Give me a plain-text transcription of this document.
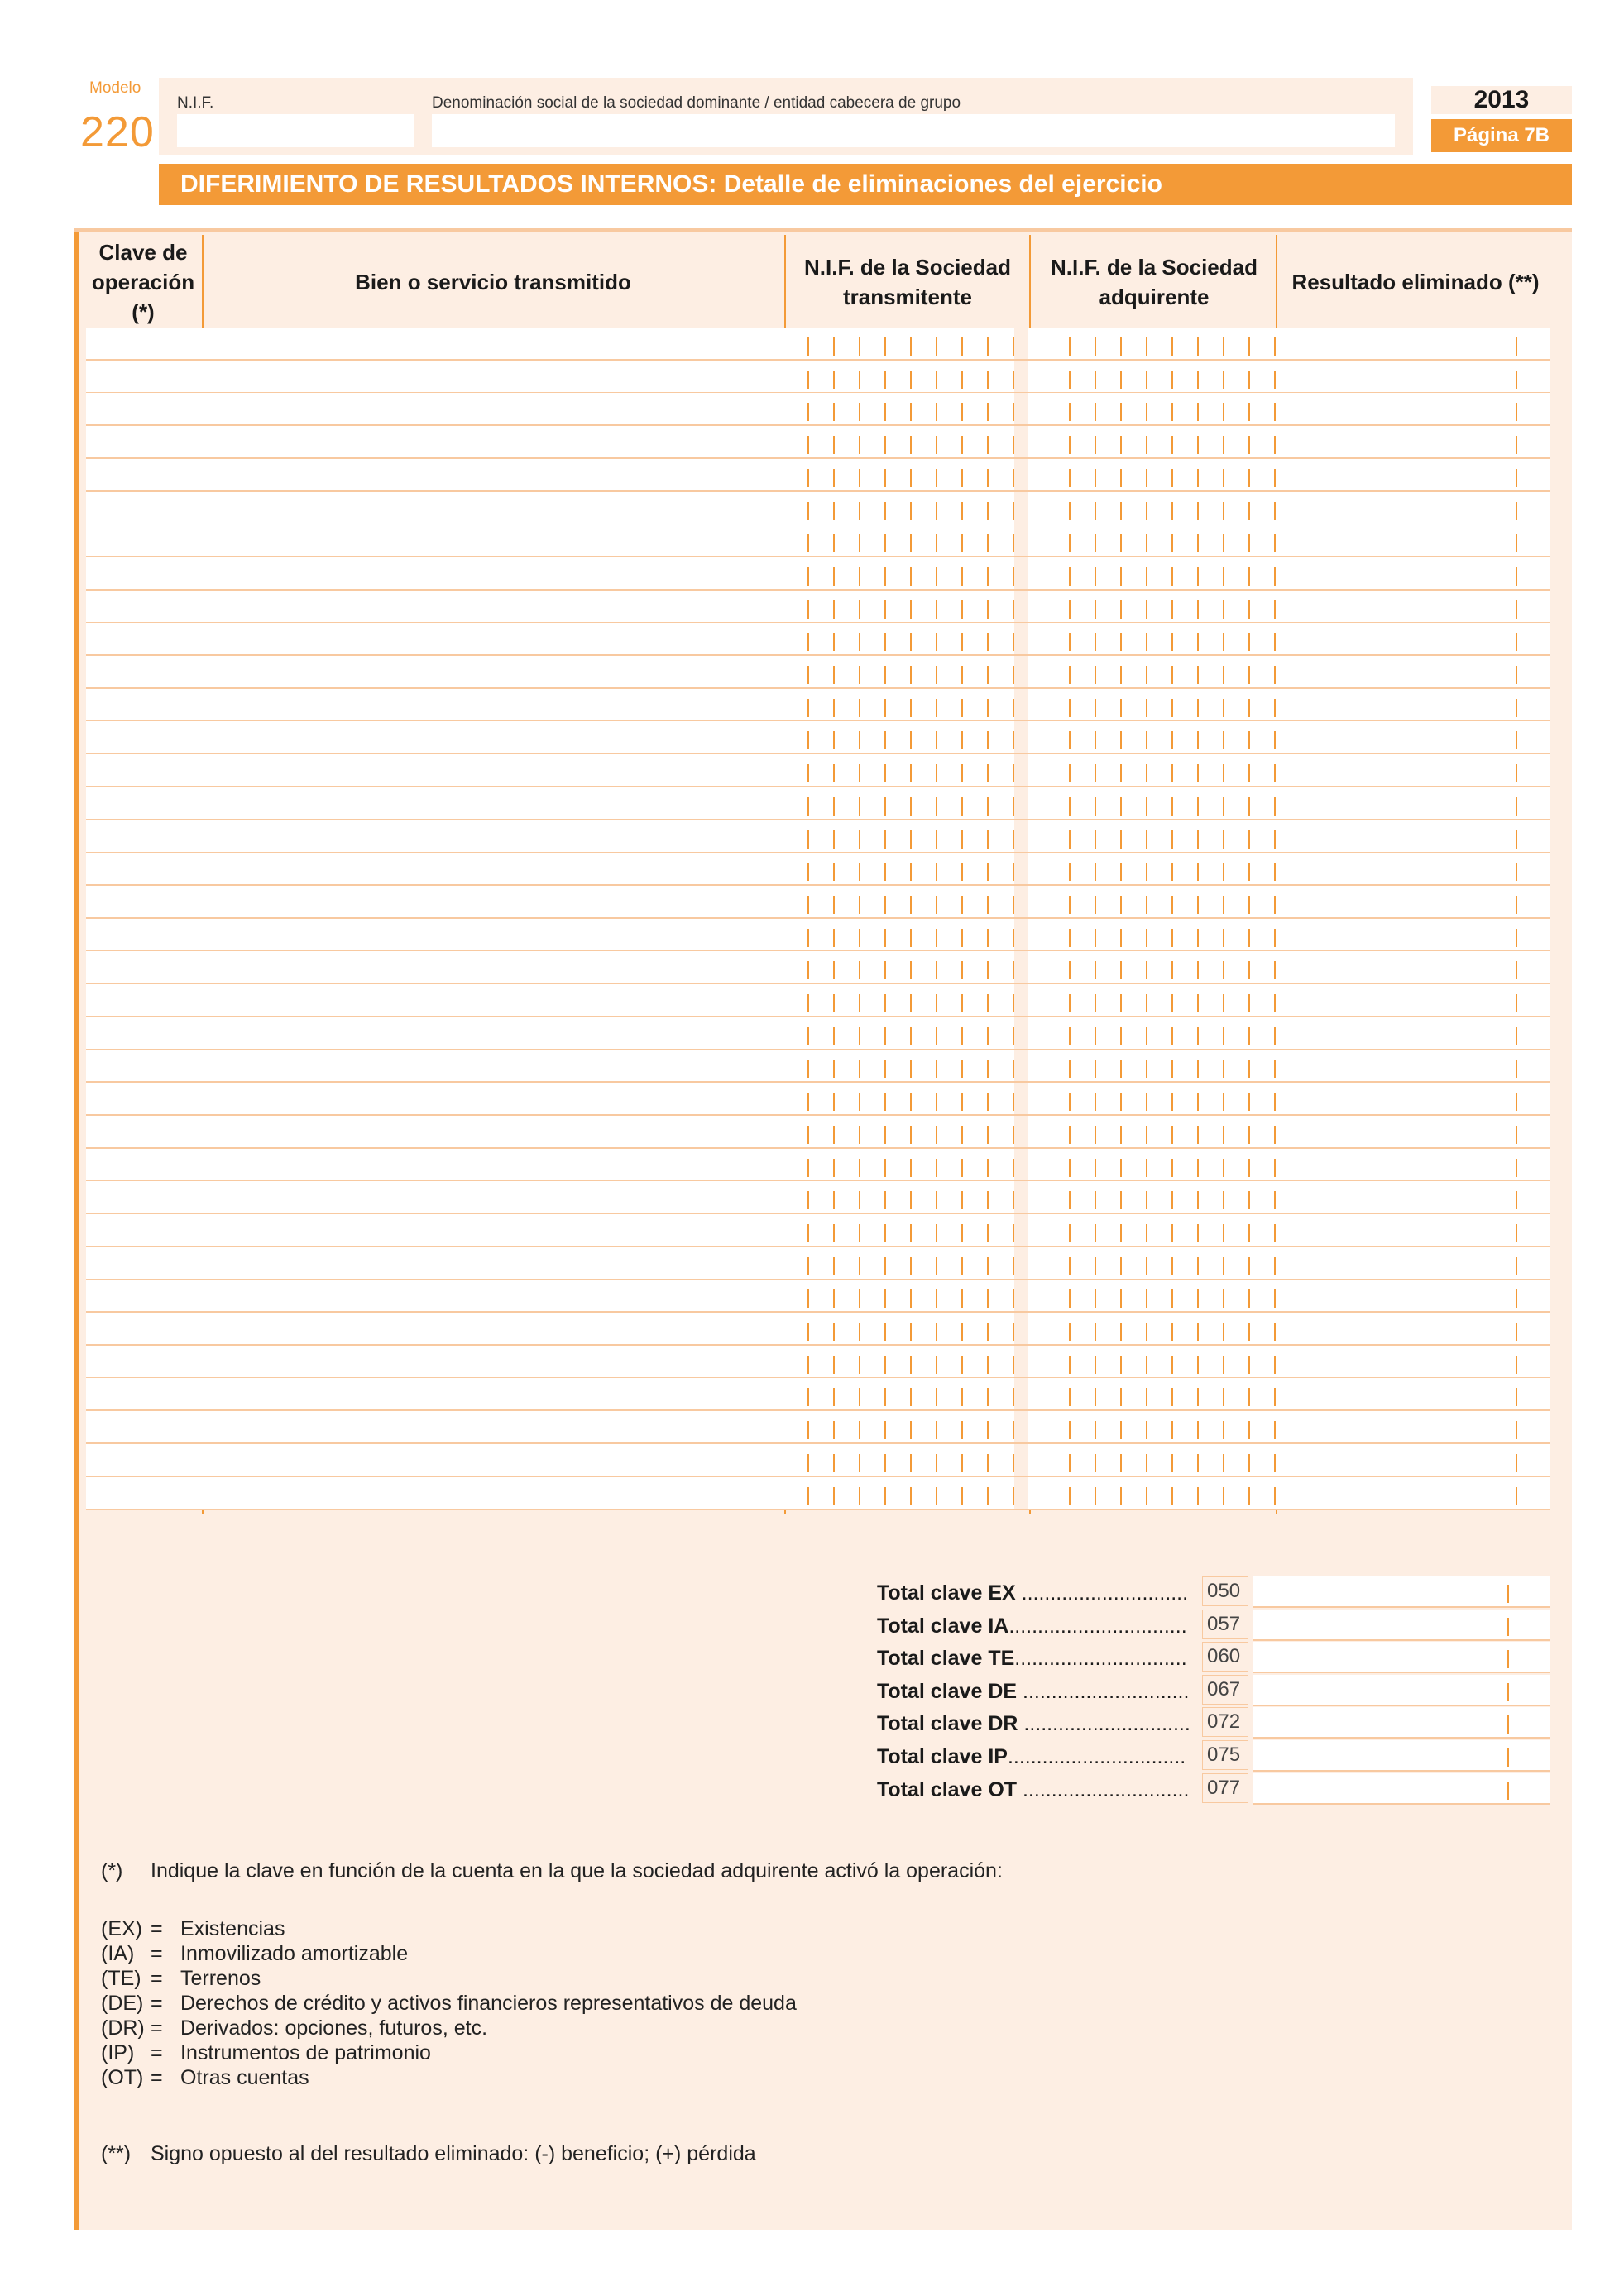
Modelo
220
N.I.F.	Denominación social de la sociedad dominante / entidad cabecera de grupo	2013
Página 7B
DIFERIMIENTO DE RESULTADOS INTERNOS: Detalle de eliminaciones del ejercicio
Clave de operación (*)
Bien o servicio transmitido
N.I.F. de la Sociedad transmitente
N.I.F. de la Sociedad adquirente
Resultado eliminado (**)
Total clave EX ............................. 050
Total clave IA............................... 057
Total clave TE.............................. 060
Total clave DE ............................. 067
Total clave DR ............................. 072
Total clave IP............................... 075
Total clave OT ............................. 077
(*) Indique la clave en función de la cuenta en la que la sociedad adquirente activó la operación:
(EX) = Existencias
(IA) = Inmovilizado amortizable
(TE) = Terrenos
(DE) = Derechos de crédito y activos financieros representativos de deuda
(DR) = Derivados: opciones, futuros, etc.
(IP) = Instrumentos de patrimonio
(OT) = Otras cuentas
(**) Signo opuesto al del resultado eliminado: (-) beneficio; (+) pérdida
